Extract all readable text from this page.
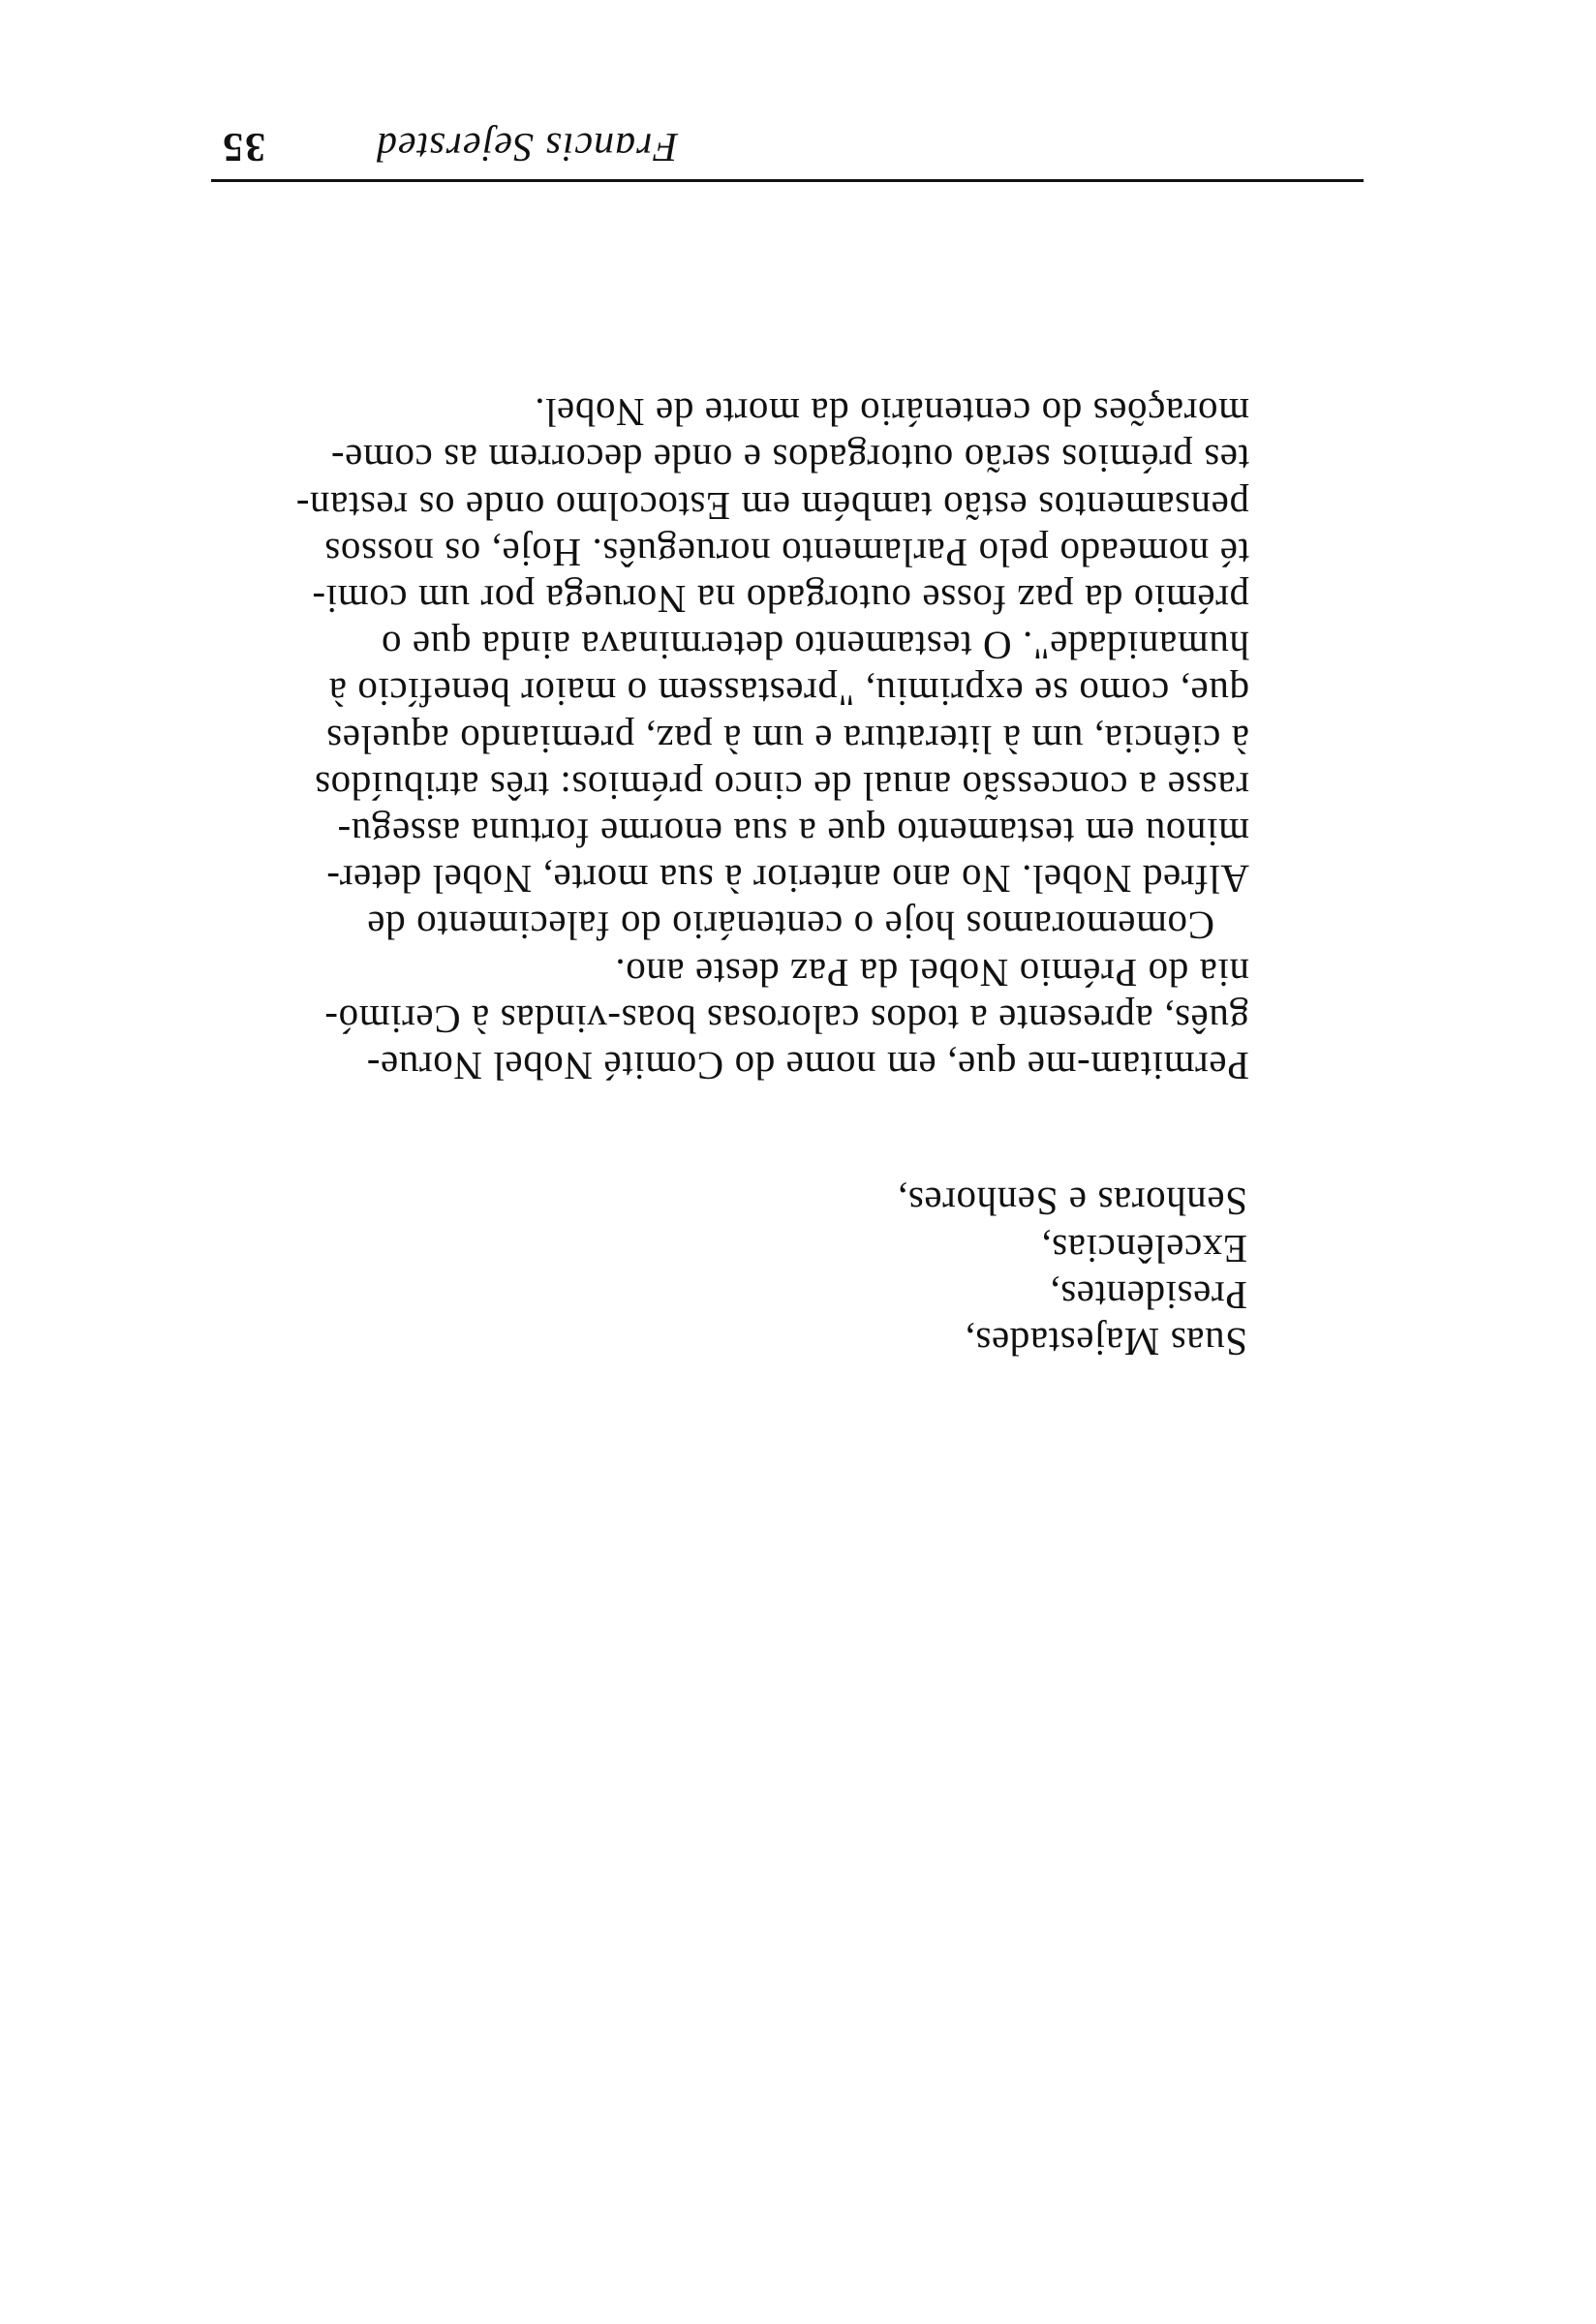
Francis Sejersted
35
Suas Majestades,
Presidentes,
Excelências,
Senhoras e Senhores,
Permitam-me que, em nome do Comité Nobel Norue-
guês, apresente a todos calorosas boas-vindas à Cerimó-
nia do Prémio Nobel da Paz deste ano.
Comemoramos hoje o centenário do falecimento de
Alfred Nobel. No ano anterior à sua morte, Nobel deter-
minou em testamento que a sua enorme fortuna assegu-
rasse a concessão anual de cinco prémios: três atribuídos
à ciência, um à literatura e um à paz, premiando aqueles
que, como se exprimiu, "prestassem o maior benefício à
humanidade". O testamento determinava ainda que o
prémio da paz fosse outorgado na Noruega por um comi-
té nomeado pelo Parlamento norueguês. Hoje, os nossos
pensamentos estão também em Estocolmo onde os restan-
tes prémios serão outorgados e onde decorrem as come-
morações do centenário da morte de Nobel.
